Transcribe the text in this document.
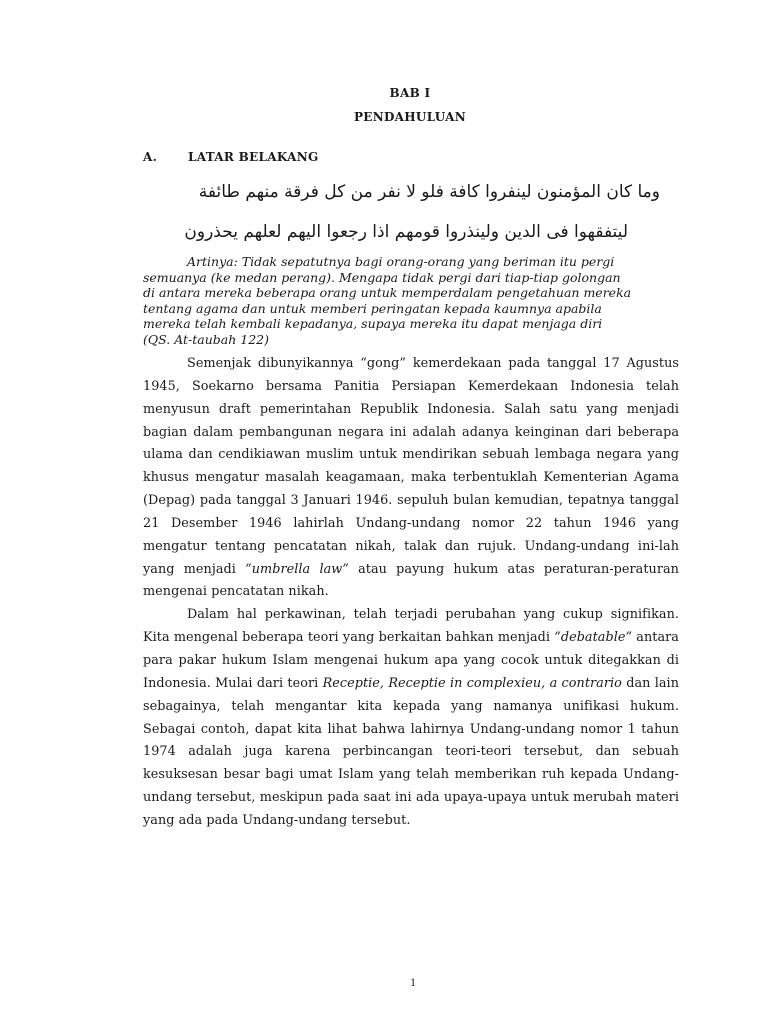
BAB I
PENDAHULUAN
A.	LATAR BELAKANG
وما كان المؤمنون لينفروا كافة فلو لا نفر من كل فرقة منهم طائفة
ليتفقهوا فى الدين ولينذروا قومهم اذا رجعوا اليهم لعلهم يحذرون
Artinya: Tidak sepatutnya bagi orang-orang yang beriman itu pergi semuanya (ke medan perang). Mengapa tidak pergi dari tiap-tiap golongan di antara mereka beberapa orang untuk memperdalam pengetahuan mereka tentang agama dan untuk memberi peringatan kepada kaumnya apabila mereka telah kembali kepadanya, supaya mereka itu dapat menjaga diri (QS. At-taubah 122)

Semenjak dibunyikannya “gong” kemerdekaan pada tanggal 17 Agustus 1945, Soekarno bersama Panitia Persiapan Kemerdekaan Indonesia telah menyusun draft pemerintahan Republik Indonesia. Salah satu yang menjadi bagian dalam pembangunan negara ini adalah adanya keinginan dari beberapa ulama dan cendikiawan muslim untuk mendirikan sebuah lembaga negara yang khusus mengatur masalah keagamaan, maka terbentuklah Kementerian Agama (Depag) pada tanggal 3 Januari 1946. sepuluh bulan kemudian, tepatnya tanggal 21 Desember 1946 lahirlah Undang-undang nomor 22 tahun 1946 yang mengatur tentang pencatatan nikah, talak dan rujuk. Undang-undang ini-lah yang menjadi “umbrella law” atau payung hukum atas peraturan-peraturan mengenai pencatatan nikah.

Dalam hal perkawinan, telah terjadi perubahan yang cukup signifikan. Kita mengenal beberapa teori yang berkaitan bahkan menjadi “debatable” antara para pakar hukum Islam mengenai hukum apa yang cocok untuk ditegakkan di Indonesia. Mulai dari teori Receptie, Receptie in complexieu, a contrario dan lain sebagainya, telah mengantar kita kepada yang namanya unifikasi hukum. Sebagai contoh, dapat kita lihat bahwa lahirnya Undang-undang nomor 1 tahun 1974 adalah juga karena perbincangan teori-teori tersebut, dan sebuah kesuksesan besar bagi umat Islam yang telah memberikan ruh kepada Undang-undang tersebut, meskipun pada saat ini ada upaya-upaya untuk merubah materi yang ada pada Undang-undang tersebut.

1
